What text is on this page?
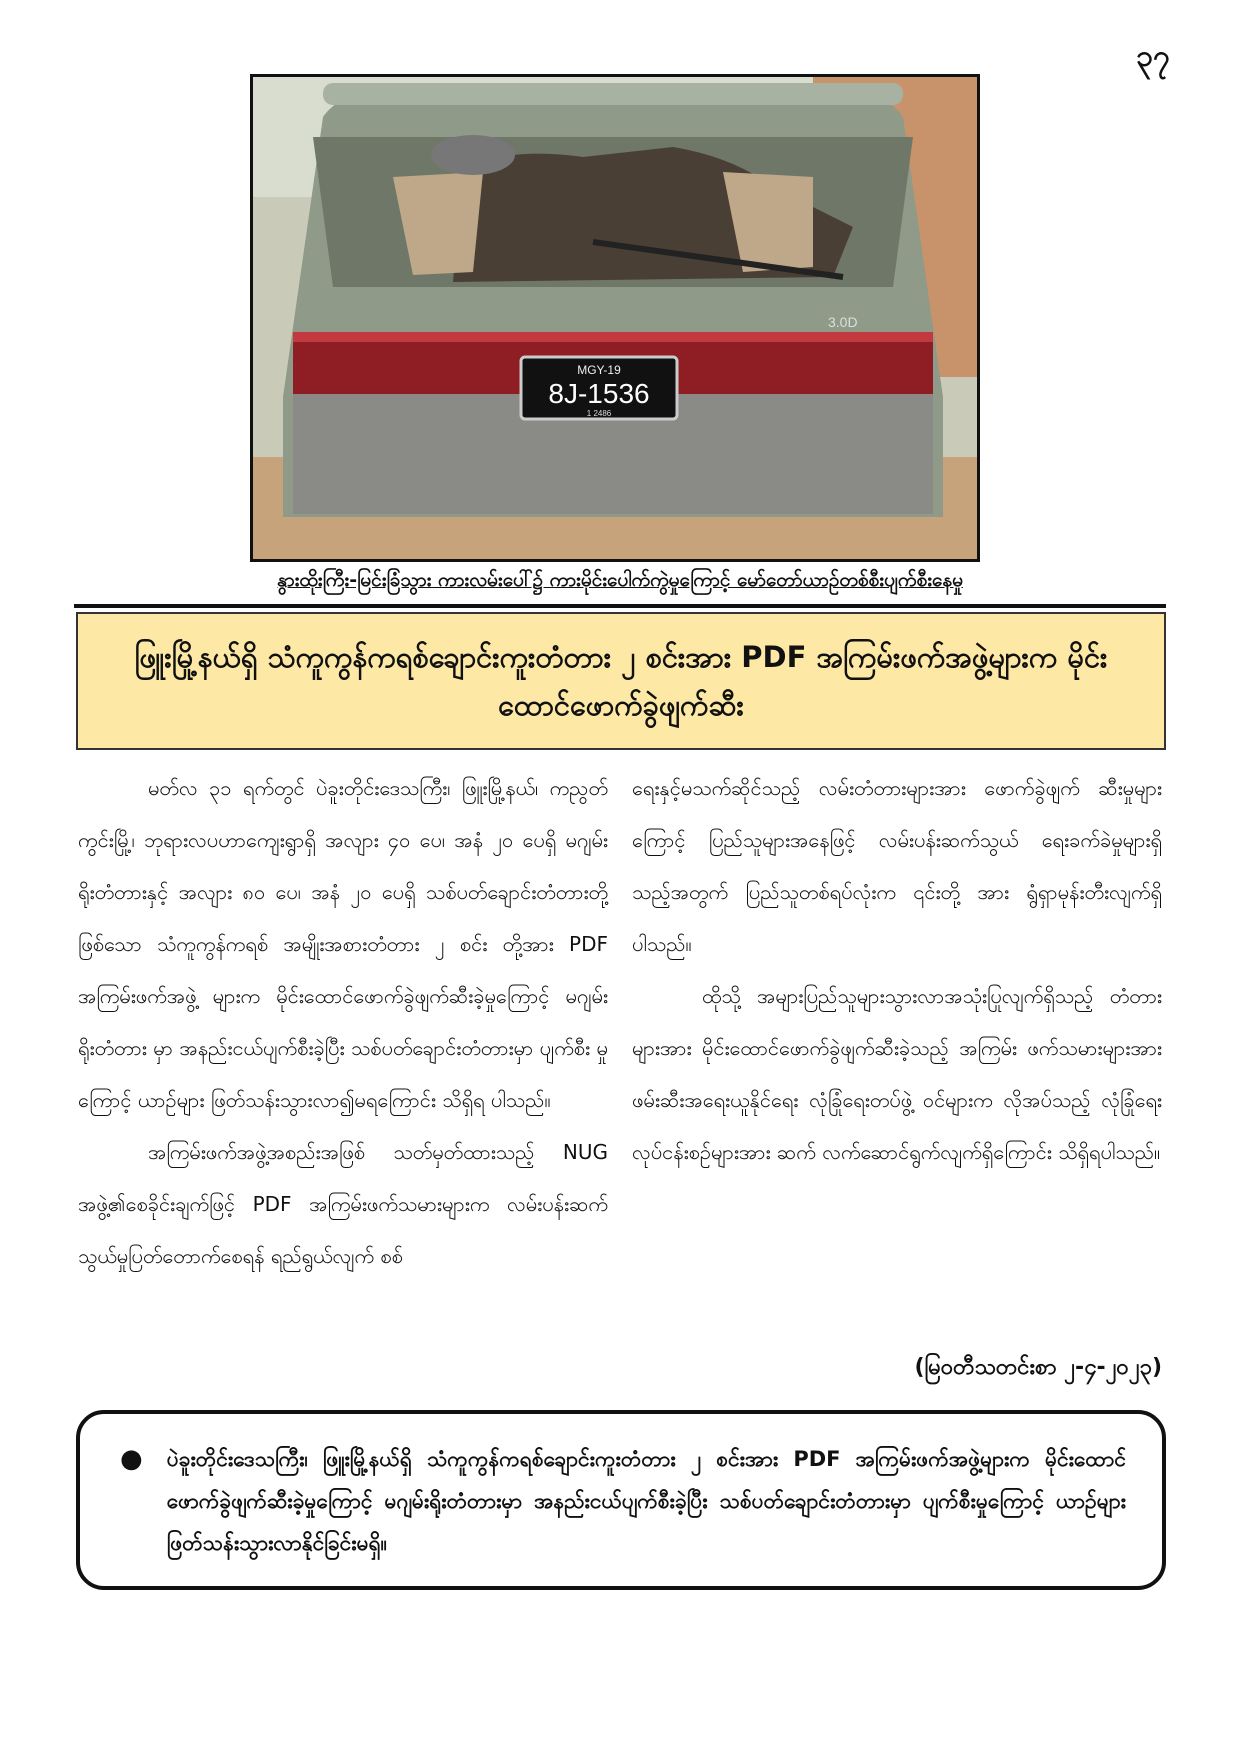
၃၇
3.0D
MGY-19
8J-1536
1 2486
နွားထိုးကြီး-မြင်းခြံသွား ကားလမ်းပေါ်၌ ကားမိုင်းပေါက်ကွဲမှုကြောင့် မော်တော်ယာဉ်တစ်စီးပျက်စီးနေမှု
ဖြူးမြို့နယ်ရှိ သံကူကွန်ကရစ်ချောင်းကူးတံတား ၂ စင်းအား PDF အကြမ်းဖက်အဖွဲ့များက မိုင်းထောင်ဖောက်ခွဲဖျက်ဆီး

မတ်လ ၃၁ ရက်တွင် ပဲခူးတိုင်းဒေသကြီး၊ ဖြူးမြို့နယ်၊ ကညွတ်ကွင်းမြို့၊ ဘုရားလပဟာကျေးရွာရှိ အလျား ၄၀ ပေ၊ အနံ ၂၀ ပေရှိ မဂျမ်းရိုးတံတားနှင့် အလျား ၈၀ ပေ၊ အနံ ၂၀ ပေရှိ သစ်ပတ်ချောင်းတံတားတို့ဖြစ်သော သံကူကွန်ကရစ် အမျိုးအစားတံတား ၂ စင်း တို့အား PDF အကြမ်းဖက်အဖွဲ့ များက မိုင်းထောင်ဖောက်ခွဲဖျက်ဆီးခဲ့မှုကြောင့် မဂျမ်းရိုးတံတား မှာ အနည်းငယ်ပျက်စီးခဲ့ပြီး သစ်ပတ်ချောင်းတံတားမှာ ပျက်စီး မှုကြောင့် ယာဉ်များ ဖြတ်သန်းသွားလာ၍မရကြောင်း သိရှိရ ပါသည်။

အကြမ်းဖက်အဖွဲ့အစည်းအဖြစ် သတ်မှတ်ထားသည့် NUG အဖွဲ့၏စေခိုင်းချက်ဖြင့် PDF အကြမ်းဖက်သမားများက လမ်းပန်းဆက်သွယ်မှုပြတ်တောက်စေရန် ရည်ရွယ်လျက် စစ်

ရေးနှင့်မသက်ဆိုင်သည့် လမ်းတံတားများအား ဖောက်ခွဲဖျက် ဆီးမှုများကြောင့် ပြည်သူများအနေဖြင့် လမ်းပန်းဆက်သွယ် ရေးခက်ခဲမှုများရှိသည့်အတွက် ပြည်သူတစ်ရပ်လုံးက ၎င်းတို့ အား ရွံရှာမုန်းတီးလျက်ရှိပါသည်။

ထိုသို့ အများပြည်သူများသွားလာအသုံးပြုလျက်ရှိသည့် တံတားများအား မိုင်းထောင်ဖောက်ခွဲဖျက်ဆီးခဲ့သည့် အကြမ်း ဖက်သမားများအား ဖမ်းဆီးအရေးယူနိုင်ရေး လုံခြုံရေးတပ်ဖွဲ့ ဝင်များက လိုအပ်သည့် လုံခြုံရေးလုပ်ငန်းစဉ်များအား ဆက် လက်ဆောင်ရွက်လျက်ရှိကြောင်း သိရှိရပါသည်။

(မြဝတီသတင်းစာ ၂-၄-၂၀၂၃)
● ပဲခူးတိုင်းဒေသကြီး၊ ဖြူးမြို့နယ်ရှိ သံကူကွန်ကရစ်ချောင်းကူးတံတား ၂ စင်းအား PDF အကြမ်းဖက်အဖွဲ့များက မိုင်းထောင်ဖောက်ခွဲဖျက်ဆီးခဲ့မှုကြောင့် မဂျမ်းရိုးတံတားမှာ အနည်းငယ်ပျက်စီးခဲ့ပြီး သစ်ပတ်ချောင်းတံတားမှာ ပျက်စီးမှုကြောင့် ယာဉ်များ ဖြတ်သန်းသွားလာနိုင်ခြင်းမရှိ။
